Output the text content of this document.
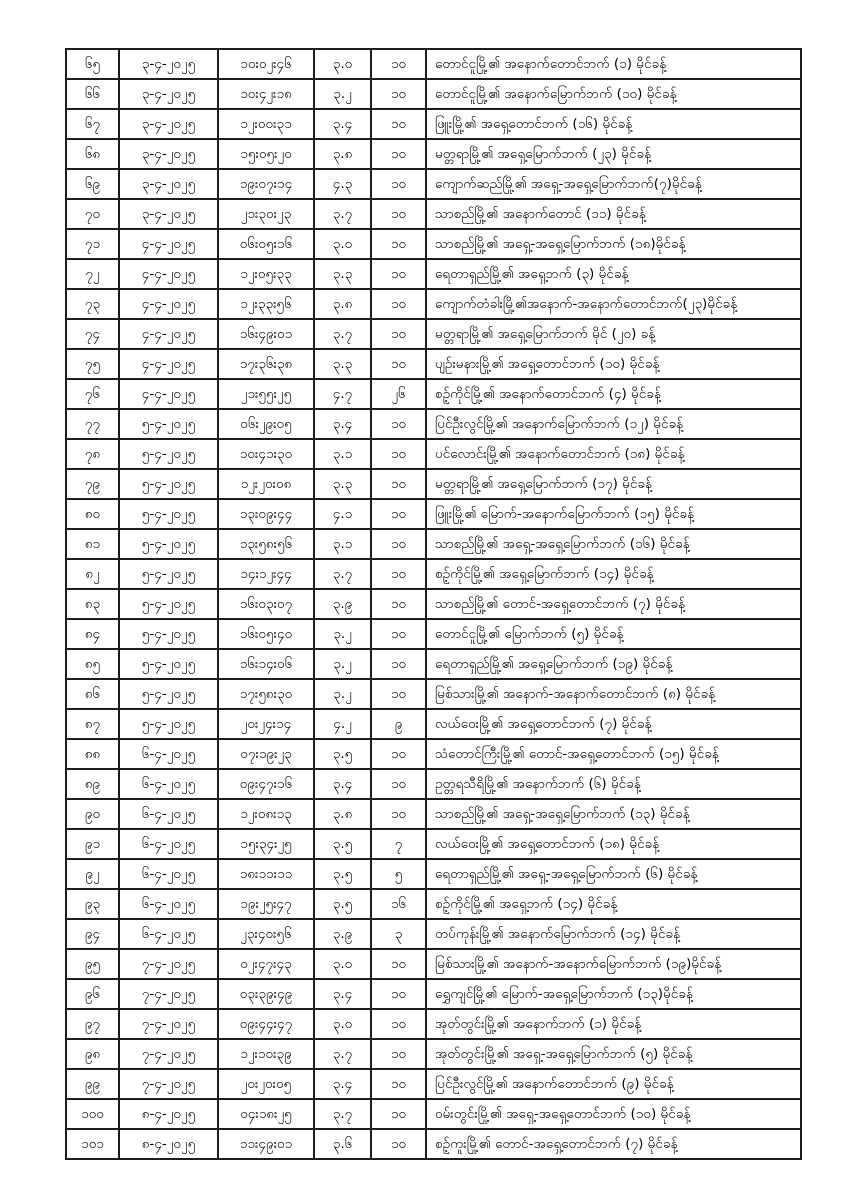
၆၅	၃-၄-၂၀၂၅	၁၀း၀၂း၄၆	၃.၀	၁၀	တောင်ငူမြို့၏ အနောက်တောင်ဘက် (၁) မိုင်ခန့်
၆၆	၃-၄-၂၀၂၅	၁၀း၄၂း၁၈	၃.၂	၁၀	တောင်ငူမြို့၏ အနောက်မြောက်ဘက် (၁၀) မိုင်ခန့်
၆၇	၃-၄-၂၀၂၅	၁၂း၀၀း၃၁	၃.၄	၁၀	ဖြူးမြို့၏ အရှေ့တောင်ဘက် (၁၆) မိုင်ခန့်
၆၈	၃-၄-၂၀၂၅	၁၅း၀၅း၂၀	၃.၈	၁၀	မတ္တရာမြို့၏ အရှေ့မြောက်ဘက် (၂၃) မိုင်ခန့်
၆၉	၃-၄-၂၀၂၅	၁၉း၀၇း၁၄	၄.၃	၁၀	ကျောက်ဆည်မြို့၏ အရှေ့-အရှေ့မြောက်ဘက်(၇)မိုင်ခန့်
၇၀	၃-၄-၂၀၂၅	၂၁း၃၀း၂၃	၃.၇	၁၀	သာစည်မြို့၏ အနောက်တောင် (၁၁) မိုင်ခန့်
၇၁	၄-၄-၂၀၂၅	၀၆း၀၅း၁၆	၃.၀	၁၀	သာစည်မြို့၏ အရှေ့-အရှေ့မြောက်ဘက် (၁၈)မိုင်ခန့်
၇၂	၄-၄-၂၀၂၅	၁၂း၀၅း၃၃	၃.၃	၁၀	ရေတာရှည်မြို့၏ အရှေ့ဘက် (၃) မိုင်ခန့်
၇၃	၄-၄-၂၀၂၅	၁၂း၃၃း၅၆	၃.၈	၁၀	ကျောက်တံခါးမြို့၏အနောက်-အနောက်တောင်ဘက်(၂၃)မိုင်ခန့်
၇၄	၄-၄-၂၀၂၅	၁၆း၄၉း၀၁	၃.၇	၁၀	မတ္တရာမြို့၏ အရှေ့မြောက်ဘက် မိုင် (၂၀) ခန့်
၇၅	၄-၄-၂၀၂၅	၁၇း၃၆း၃၈	၃.၃	၁၀	ပျဉ်းမနားမြို့၏ အရှေ့တောင်ဘက် (၁၀) မိုင်ခန့်
၇၆	၄-၄-၂၀၂၅	၂၁း၅၅း၂၅	၄.၇	၂၆	စဉ့်ကိုင်မြို့၏ အနောက်တောင်ဘက် (၄) မိုင်ခန့်
၇၇	၅-၄-၂၀၂၅	၀၆း၂၉း၀၅	၃.၄	၁၀	ပြင်ဦးလွင်မြို့၏ အနောက်မြောက်ဘက် (၁၂) မိုင်ခန့်
၇၈	၅-၄-၂၀၂၅	၁၀း၄၁း၃၀	၃.၁	၁၀	ပင်လောင်းမြို့၏ အနောက်တောင်ဘက် (၁၈) မိုင်ခန့်
၇၉	၅-၄-၂၀၂၅	၁၂း၂၀း၀၈	၃.၃	၁၀	မတ္တရာမြို့၏ အရှေ့မြောက်ဘက် (၁၇) မိုင်ခန့်
၈၀	၅-၄-၂၀၂၅	၁၃း၀၉း၄၄	၄.၁	၁၀	ဖြူးမြို့၏ မြောက်-အနောက်မြောက်ဘက် (၁၅) မိုင်ခန့်
၈၁	၅-၄-၂၀၂၅	၁၃း၅၈း၅၆	၃.၁	၁၀	သာစည်မြို့၏ အရှေ့-အရှေ့မြောက်ဘက် (၁၆) မိုင်ခန့်
၈၂	၅-၄-၂၀၂၅	၁၄း၁၂း၄၄	၃.၇	၁၀	စဉ့်ကိုင်မြို့၏ အရှေ့မြောက်ဘက် (၁၄) မိုင်ခန့်
၈၃	၅-၄-၂၀၂၅	၁၆း၀၃း၀၇	၃.၉	၁၀	သာစည်မြို့၏ တောင်-အရှေ့တောင်ဘက် (၇) မိုင်ခန့်
၈၄	၅-၄-၂၀၂၅	၁၆း၀၅း၄၀	၃.၂	၁၀	တောင်ငူမြို့၏ မြောက်ဘက် (၅) မိုင်ခန့်
၈၅	၅-၄-၂၀၂၅	၁၆း၁၄း၀၆	၃.၂	၁၀	ရေတာရှည်မြို့၏ အရှေ့မြောက်ဘက် (၁၉) မိုင်ခန့်
၈၆	၅-၄-၂၀၂၅	၁၇း၅၈း၃၀	၃.၂	၁၀	မြစ်သားမြို့၏ အနောက်-အနောက်တောင်ဘက် (၈) မိုင်ခန့်
၈၇	၅-၄-၂၀၂၅	၂၀း၂၄း၁၄	၄.၂	၉	လယ်ဝေးမြို့၏ အရှေ့တောင်ဘက် (၇) မိုင်ခန့်
၈၈	၆-၄-၂၀၂၅	၀၇း၁၉း၂၃	၃.၅	၁၀	သံတောင်ကြီးမြို့၏ တောင်-အရှေ့တောင်ဘက် (၁၅) မိုင်ခန့်
၈၉	၆-၄-၂၀၂၅	၀၉း၄၇း၁၆	၃.၄	၁၀	ဥတ္တရသီရိမြို့၏ အနောက်ဘက် (၆) မိုင်ခန့်
၉၀	၆-၄-၂၀၂၅	၁၂း၀၈း၁၃	၃.၈	၁၀	သာစည်မြို့၏ အရှေ့-အရှေ့မြောက်ဘက် (၁၃) မိုင်ခန့်
၉၁	၆-၄-၂၀၂၅	၁၅း၃၄း၂၅	၃.၅	၇	လယ်ဝေးမြို့၏ အရှေ့တောင်ဘက် (၁၈) မိုင်ခန့်
၉၂	၆-၄-၂၀၂၅	၁၈း၁၁း၁၁	၃.၅	၅	ရေတာရှည်မြို့၏ အရှေ့-အရှေ့မြောက်ဘက် (၆) မိုင်ခန့်
၉၃	၆-၄-၂၀၂၅	၁၉း၂၅း၄၇	၃.၅	၁၆	စဉ့်ကိုင်မြို့၏ အရှေ့ဘက် (၁၄) မိုင်ခန့်
၉၄	၆-၄-၂၀၂၅	၂၃း၄၀း၅၆	၃.၉	၃	တပ်ကုန်းမြို့၏ အနောက်မြောက်ဘက် (၁၄) မိုင်ခန့်
၉၅	၇-၄-၂၀၂၅	၀၂း၄၇း၄၃	၃.၀	၁၀	မြစ်သားမြို့၏ အနောက်-အနောက်မြောက်ဘက် (၁၉)မိုင်ခန့်
၉၆	၇-၄-၂၀၂၅	၀၃း၃၉း၄၉	၃.၄	၁၀	ရွှေကျင်မြို့၏ မြောက်-အရှေ့မြောက်ဘက် (၁၃)မိုင်ခန့်
၉၇	၇-၄-၂၀၂၅	၀၉း၄၄း၄၇	၃.၀	၁၀	အုတ်တွင်းမြို့၏ အနောက်ဘက် (၁) မိုင်ခန့်
၉၈	၇-၄-၂၀၂၅	၁၂း၁၀း၃၉	၃.၇	၁၀	အုတ်တွင်းမြို့၏ အရှေ့-အရှေ့မြောက်ဘက် (၅) မိုင်ခန့်
၉၉	၇-၄-၂၀၂၅	၂၀း၂၀း၀၅	၃.၄	၁၀	ပြင်ဦးလွင်မြို့၏ အနောက်တောင်ဘက် (၉) မိုင်ခန့်
၁၀၀	၈-၄-၂၀၂၅	၀၄း၁၈း၂၅	၃.၇	၁၀	ဝမ်းတွင်းမြို့၏ အရှေ့-အရှေ့တောင်ဘက် (၁၀) မိုင်ခန့်
၁၀၁	၈-၄-၂၀၂၅	၁၁း၄၉း၀၁	၃.၆	၁၀	စဉ့်ကူးမြို့၏ တောင်-အရှေ့တောင်ဘက် (၇) မိုင်ခန့်
